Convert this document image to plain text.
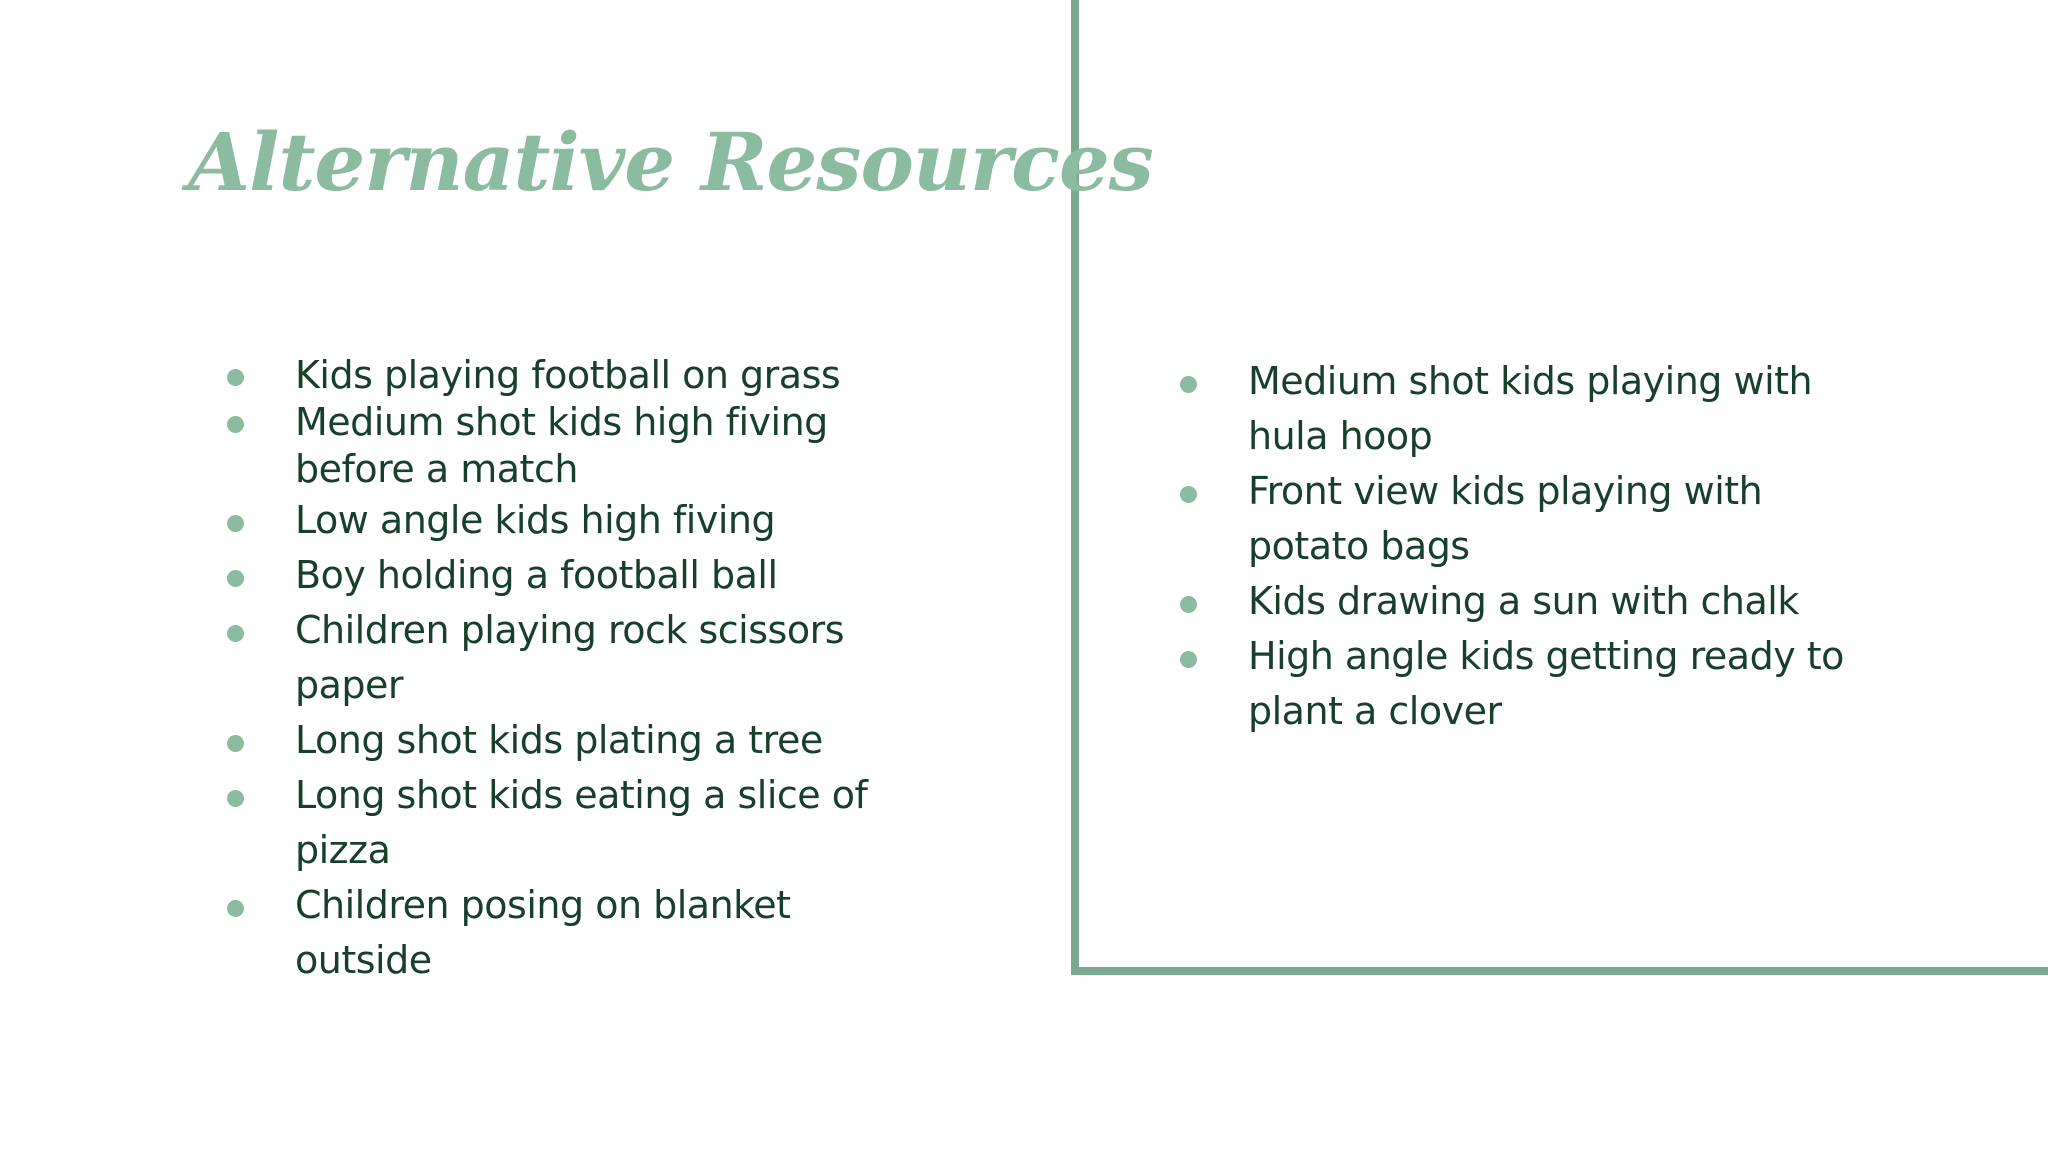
Alternative Resources
Kids playing football on grass
Medium shot kids high fiving before a match
Low angle kids high fiving
Boy holding a football ball
Children playing rock scissors paper
Long shot kids plating a tree
Long shot kids eating a slice of pizza
Children posing on blanket outside
Medium shot kids playing with hula hoop
Front view kids playing with potato bags
Kids drawing a sun with chalk
High angle kids getting ready to plant a clover
